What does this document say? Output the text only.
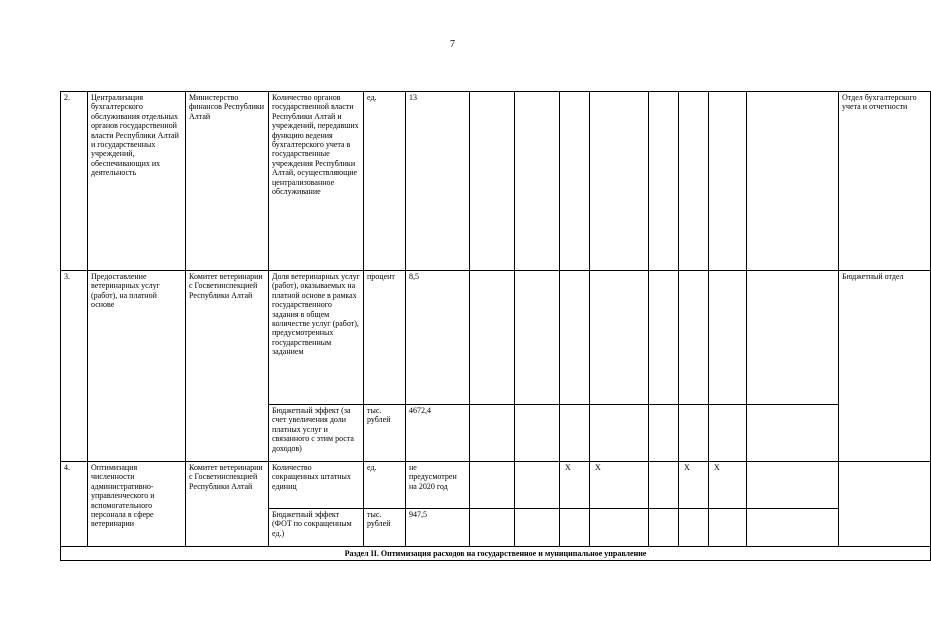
7
2.	Централизация бухгалтерского обслуживания отдельных органов государственной власти Республики Алтай и государственных учреждений, обеспечивающих их деятельность	Министерство финансов Республики Алтай	Количество органов государственной власти Республики Алтай и учреждений, передавших функцию ведения бухгалтерского учета в государственные учреждения Республики Алтай, осуществляющие централизованное обслуживание	ед.	13									Отдел бухгалтерского учета и отчетности
3.	Предоставление ветеринарных услуг (работ), на платной основе	Комитет ветеринарии с Госветинспекцией Республики Алтай	Доля ветеринарных услуг (работ), оказываемых на платной основе в рамках государственного задания в общем количестве услуг (работ), предусмотренных государственным заданием	процент	8,5									Бюджетный отдел
			Бюджетный эффект (за счет увеличения доли платных услуг и связанного с этим роста доходов)	тыс. рублей	4672,4									
4.	Оптимизация численности административно-управленческого и вспомогательного персонала в сфере ветеринарии	Комитет ветеринарии с Госветинспекцией Республики Алтай	Количество сокращенных штатных единиц	ед.	не предусмотрен на 2020 год			X	X		X	X		
			Бюджетный эффект (ФОТ по сокращенным ед.)	тыс. рублей	947,5									
Раздел II. Оптимизация расходов на государственное и муниципальное управление														
